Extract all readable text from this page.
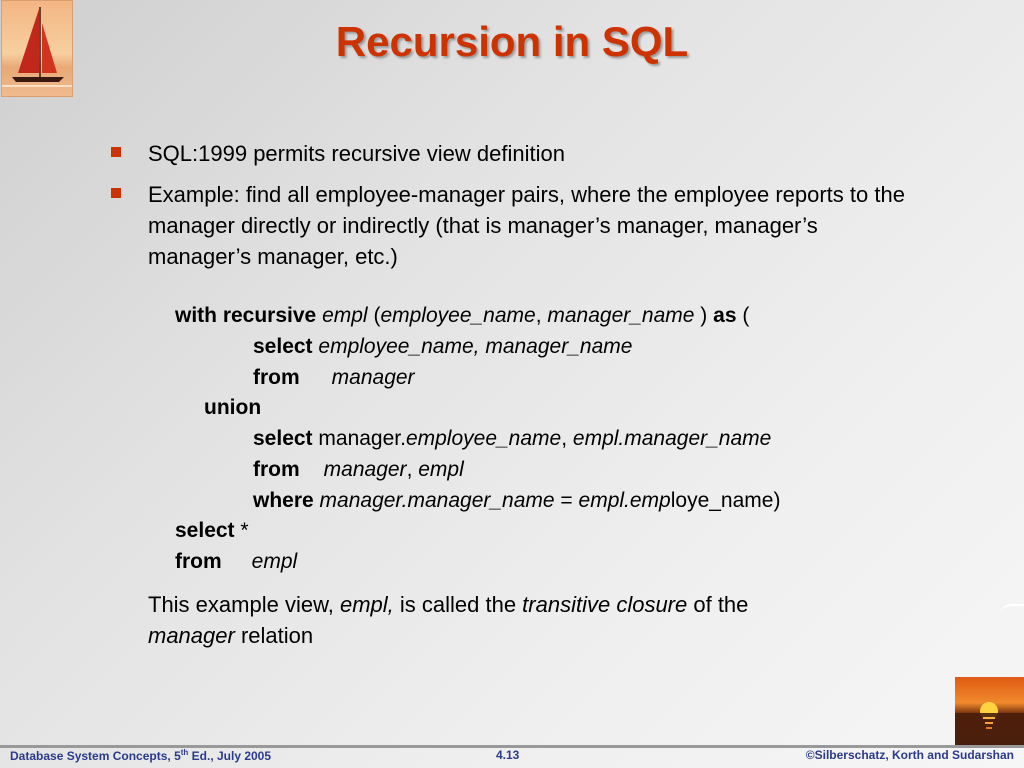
Recursion in SQL
SQL:1999 permits recursive view definition
Example: find all employee-manager pairs, where the employee reports to the manager directly or indirectly (that is manager’s manager, manager’s manager’s manager, etc.)
with recursive empl (employee_name, manager_name ) as (
select employee_name, manager_name
from manager
union
select manager.employee_name, empl.manager_name
from manager, empl
where manager.manager_name = empl.employe_name)
select *
from empl
This example view, empl, is called the transitive closure of the
manager relation
Database System Concepts, 5th Ed., July 2005	4.13	©Silberschatz, Korth and Sudarshan
